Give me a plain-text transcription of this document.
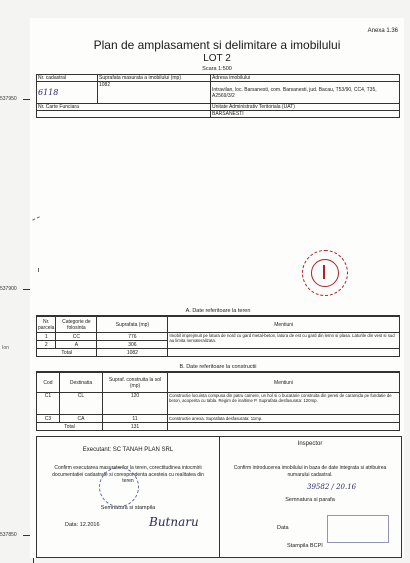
537950
537900
537850
Ion
Anexa 1.36
Plan de amplasament si delimitare a imobilului
LOT 2
Scara 1:500
Nr. cadastral	Suprafata masurata a imobilului (mp)	Adresa imobilului
6118	1082	Intravilan, loc. Barsanesti, com. Barsanesti, jud. Bacau, T53/90, CC4, T35, A2569/3/2
Nr. Carte Funciara		Unitate Administrativ Teritoriala (UAT)
		BARSANESTI
A. Date referitoare la teren
Nr. parcela	Categorie de folosinta	Suprafata (mp)	Mentiuni
1	CC	776	Imobil imprejmuit pe latura de nord cu gard metal-beton, latura de est cu gard din lemn si plasa. Laturile din vest si sud au limita nemateralizata.
2	A	306	
Total		1082	
B. Date referitoare la constructii
Cod	Destinatia	Supraf. construita la sol (mp)	Mentiuni
C1	CL	120	Constructie locuinta compusa din patru camere, un hol si o bucatarie construita din pereti de caramida pe fundatie de beton, acoperita cu tabla. Regim de inaltime P. Suprafata desfasurata: 120mp.
C3	CA	11	Constructie anexa. Suprafata desfasurata: 11mp.
Total		131	
Executant: SC TANAH PLAN SRL
Confirm executarea masuratorilor la teren, corectitudinea intocmirii documentatiei cadastrale si corespondenta acesteia cu realitatea din teren
Semnatura si stampila
Data: 12.2016	Butnaru
Inspector
Confirm introducerea imobilului in baza de date integrata si atribuirea numarului cadastral.
39582 / 20.16
Semnatura si parafa
Data
Stampila BCPI
